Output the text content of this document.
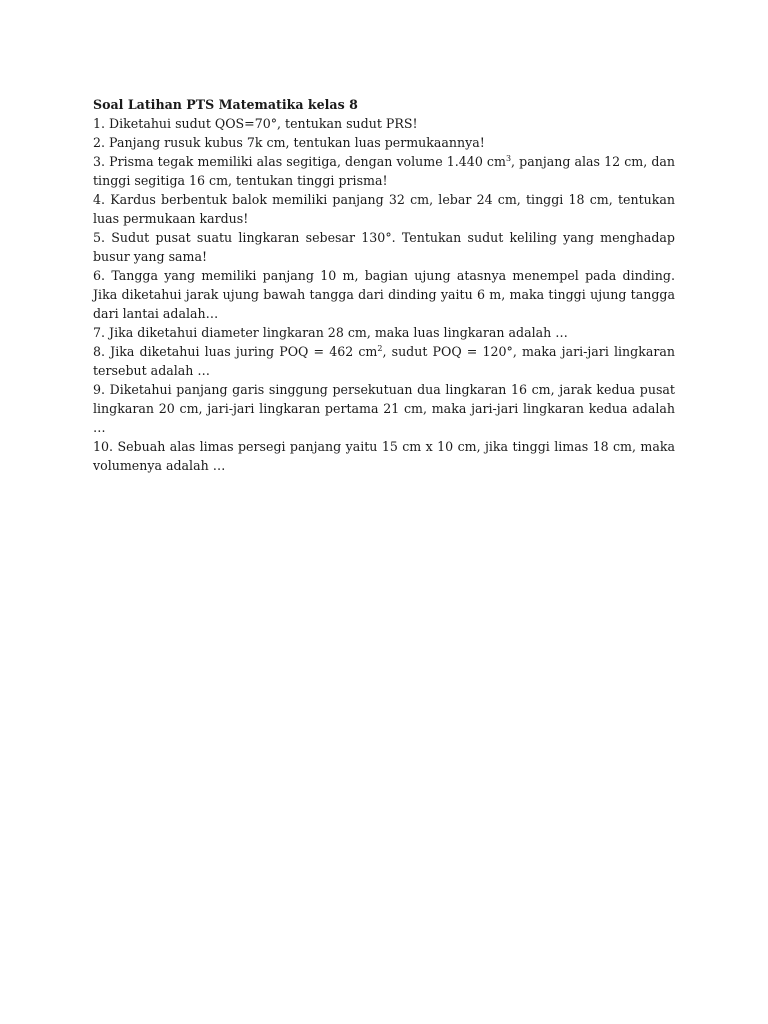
Soal Latihan PTS Matematika kelas 8

1. Diketahui sudut QOS=70°, tentukan sudut PRS!

2. Panjang rusuk kubus 7k cm, tentukan luas permukaannya!

3. Prisma tegak memiliki alas segitiga, dengan volume 1.440 $cm^3$, panjang alas 12 cm, dan tinggi segitiga 16 cm, tentukan tinggi prisma!

4. Kardus berbentuk balok memiliki panjang 32 cm, lebar 24 cm, tinggi 18 cm, tentukan luas permukaan kardus!

5. Sudut pusat suatu lingkaran sebesar 130°. Tentukan sudut keliling yang menghadap busur yang sama!

6. Tangga yang memiliki panjang 10 m, bagian ujung atasnya menempel pada dinding. Jika diketahui jarak ujung bawah tangga dari dinding yaitu 6 m, maka tinggi ujung tangga dari lantai adalah…

7. Jika diketahui diameter lingkaran 28 cm, maka luas lingkaran adalah …

8. Jika diketahui luas juring POQ = 462 $cm^2$, sudut POQ = 120°, maka jari-jari lingkaran tersebut adalah …

9. Diketahui panjang garis singgung persekutuan dua lingkaran 16 cm, jarak kedua pusat lingkaran 20 cm, jari-jari lingkaran pertama 21 cm, maka jari-jari lingkaran kedua adalah …

10. Sebuah alas limas persegi panjang yaitu 15 cm x 10 cm, jika tinggi limas 18 cm, maka volumenya adalah …
